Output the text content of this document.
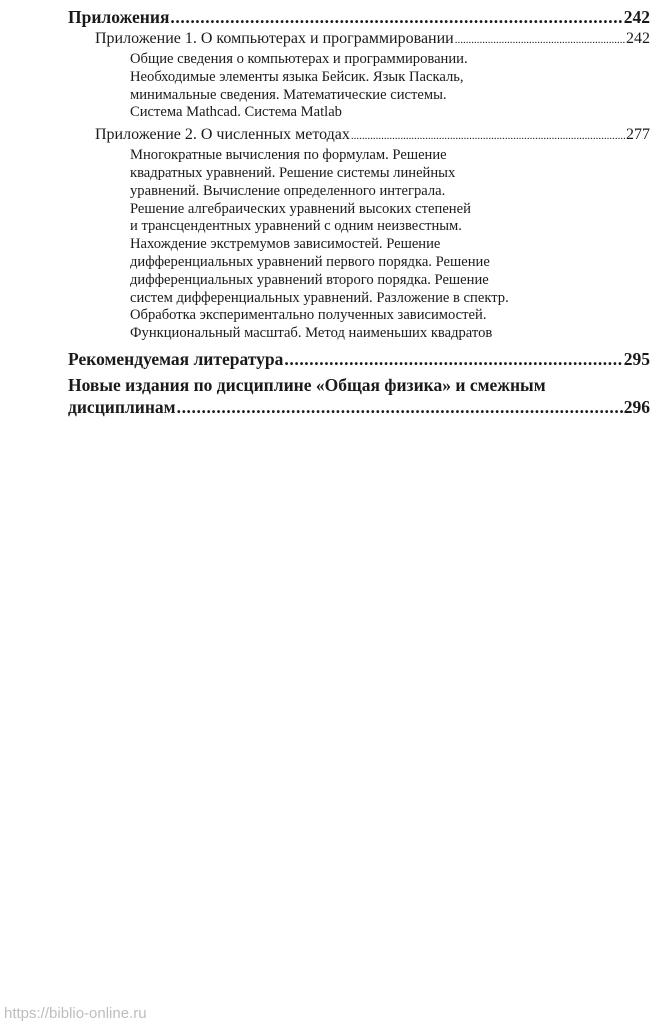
Приложения .....	242
Приложение 1. О компьютерах и программировании .....	242
Общие сведения о компьютерах и программировании.
Необходимые элементы языка Бейсик. Язык Паскаль,
минимальные сведения. Математические системы.
Система Mathcad. Система Matlab
Приложение 2. О численных методах .....	277
Многократные вычисления по формулам. Решение
квадратных уравнений. Решение системы линейных
уравнений. Вычисление определенного интеграла.
Решение алгебраических уравнений высоких степеней
и трансцендентных уравнений с одним неизвестным.
Нахождение экстремумов зависимостей. Решение
дифференциальных уравнений первого порядка. Решение
дифференциальных уравнений второго порядка. Решение
систем дифференциальных уравнений. Разложение в спектр.
Обработка экспериментально полученных зависимостей.
Функциональный масштаб. Метод наименьших квадратов
Рекомендуемая литература .....	295
Новые издания по дисциплине «Общая физика» и смежным
дисциплинам .....	296
https://biblio-online.ru
